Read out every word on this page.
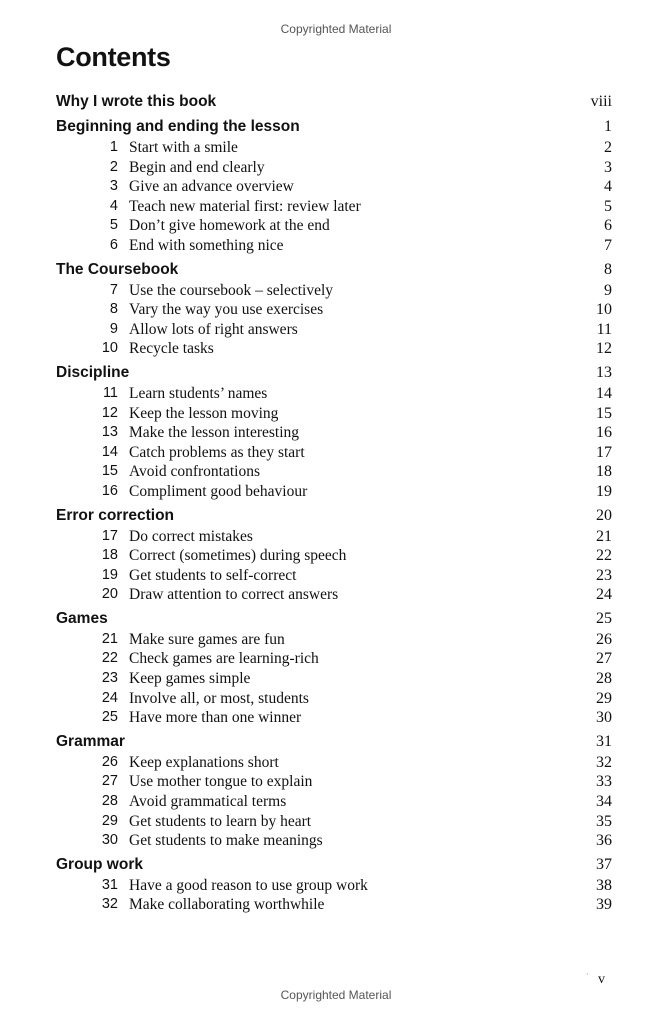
Copyrighted Material
Contents
Why I wrote this book	viii
Beginning and ending the lesson	1
1 Start with a smile	2
2 Begin and end clearly	3
3 Give an advance overview	4
4 Teach new material first: review later	5
5 Don’t give homework at the end	6
6 End with something nice	7
The Coursebook	8
7 Use the coursebook – selectively	9
8 Vary the way you use exercises	10
9 Allow lots of right answers	11
10 Recycle tasks	12
Discipline	13
11 Learn students’ names	14
12 Keep the lesson moving	15
13 Make the lesson interesting	16
14 Catch problems as they start	17
15 Avoid confrontations	18
16 Compliment good behaviour	19
Error correction	20
17 Do correct mistakes	21
18 Correct (sometimes) during speech	22
19 Get students to self-correct	23
20 Draw attention to correct answers	24
Games	25
21 Make sure games are fun	26
22 Check games are learning-rich	27
23 Keep games simple	28
24 Involve all, or most, students	29
25 Have more than one winner	30
Grammar	31
26 Keep explanations short	32
27 Use mother tongue to explain	33
28 Avoid grammatical terms	34
29 Get students to learn by heart	35
30 Get students to make meanings	36
Group work	37
31 Have a good reason to use group work	38
32 Make collaborating worthwhile	39
· v
Copyrighted Material
